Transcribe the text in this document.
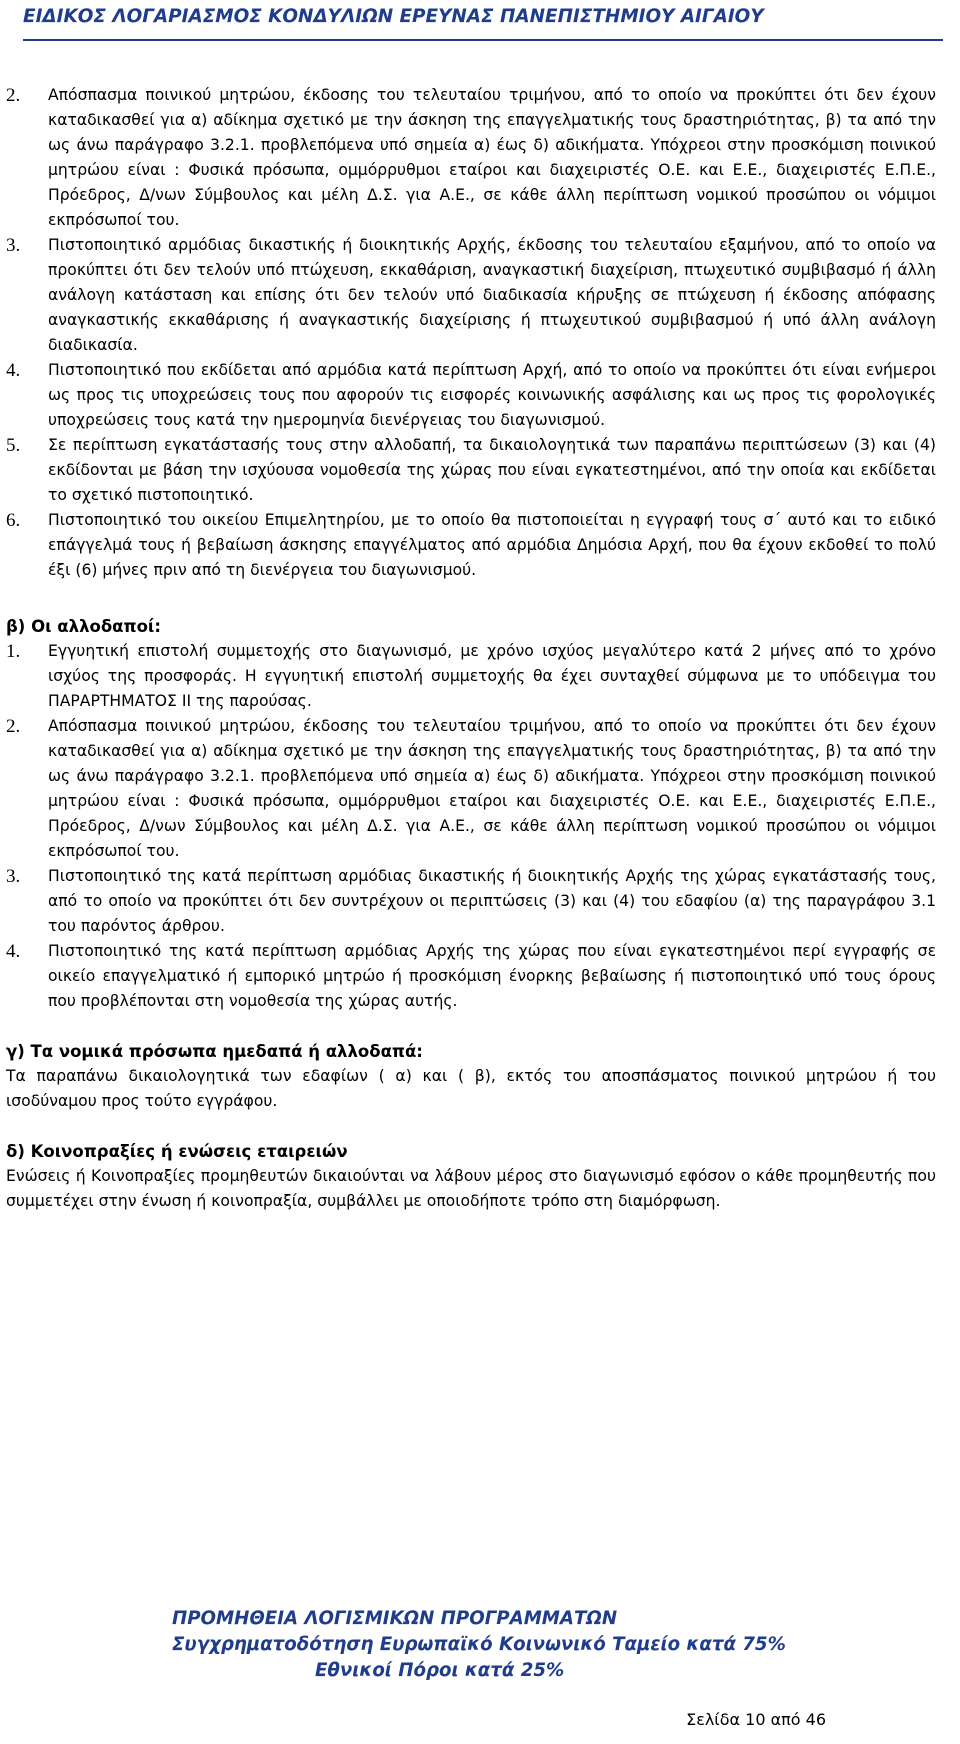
ΕΙΔΙΚΟΣ ΛΟΓΑΡΙΑΣΜΟΣ ΚΟΝΔΥΛΙΩΝ ΕΡΕΥΝΑΣ ΠΑΝΕΠΙΣΤΗΜΙΟΥ ΑΙΓΑΙΟΥ
2. Απόσπασμα ποινικού μητρώου, έκδοσης του τελευταίου τριμήνου, από το οποίο να προκύπτει ότι δεν έχουν καταδικασθεί για α) αδίκημα σχετικό με την άσκηση της επαγγελματικής τους δραστηριότητας, β) τα από την ως άνω παράγραφο 3.2.1. προβλεπόμενα υπό σημεία α) έως δ) αδικήματα. Υπόχρεοι στην προσκόμιση ποινικού μητρώου είναι : Φυσικά πρόσωπα, ομμόρρυθμοι εταίροι και διαχειριστές Ο.Ε. και Ε.Ε., διαχειριστές Ε.Π.Ε., Πρόεδρος, Δ/νων Σύμβουλος και μέλη Δ.Σ. για Α.Ε., σε κάθε άλλη περίπτωση νομικού προσώπου οι νόμιμοι εκπρόσωποί του.
3. Πιστοποιητικό αρμόδιας δικαστικής ή διοικητικής Αρχής, έκδοσης του τελευταίου εξαμήνου, από το οποίο να προκύπτει ότι δεν τελούν υπό πτώχευση, εκκαθάριση, αναγκαστική διαχείριση, πτωχευτικό συμβιβασμό ή άλλη ανάλογη κατάσταση και επίσης ότι δεν τελούν υπό διαδικασία κήρυξης σε πτώχευση ή έκδοσης απόφασης αναγκαστικής εκκαθάρισης ή αναγκαστικής διαχείρισης ή πτωχευτικού συμβιβασμού ή υπό άλλη ανάλογη διαδικασία.
4. Πιστοποιητικό που εκδίδεται από αρμόδια κατά περίπτωση Αρχή, από το οποίο να προκύπτει ότι είναι ενήμεροι ως προς τις υποχρεώσεις τους που αφορούν τις εισφορές κοινωνικής ασφάλισης και ως προς τις φορολογικές υποχρεώσεις τους κατά την ημερομηνία διενέργειας του διαγωνισμού.
5. Σε περίπτωση εγκατάστασής τους στην αλλοδαπή, τα δικαιολογητικά των παραπάνω περιπτώσεων (3) και (4) εκδίδονται με βάση την ισχύουσα νομοθεσία της χώρας που είναι εγκατεστημένοι, από την οποία και εκδίδεται το σχετικό πιστοποιητικό.
6. Πιστοποιητικό του οικείου Επιμελητηρίου, με το οποίο θα πιστοποιείται η εγγραφή τους σ΄ αυτό και το ειδικό επάγγελμά τους ή βεβαίωση άσκησης επαγγέλματος από αρμόδια Δημόσια Αρχή, που θα έχουν εκδοθεί το πολύ έξι (6) μήνες πριν από τη διενέργεια του διαγωνισμού.
β) Οι αλλοδαποί:
1. Εγγυητική επιστολή συμμετοχής στο διαγωνισμό, με χρόνο ισχύος μεγαλύτερο κατά 2 μήνες από το χρόνο ισχύος της προσφοράς. Η εγγυητική επιστολή συμμετοχής θα έχει συνταχθεί σύμφωνα με το υπόδειγμα του ΠΑΡΑΡΤΗΜΑΤΟΣ ΙΙ της παρούσας.
2. Απόσπασμα ποινικού μητρώου, έκδοσης του τελευταίου τριμήνου, από το οποίο να προκύπτει ότι δεν έχουν καταδικασθεί για α) αδίκημα σχετικό με την άσκηση της επαγγελματικής τους δραστηριότητας, β) τα από την ως άνω παράγραφο 3.2.1. προβλεπόμενα υπό σημεία α) έως δ) αδικήματα. Υπόχρεοι στην προσκόμιση ποινικού μητρώου είναι : Φυσικά πρόσωπα, ομμόρρυθμοι εταίροι και διαχειριστές Ο.Ε. και Ε.Ε., διαχειριστές Ε.Π.Ε., Πρόεδρος, Δ/νων Σύμβουλος και μέλη Δ.Σ. για Α.Ε., σε κάθε άλλη περίπτωση νομικού προσώπου οι νόμιμοι εκπρόσωποί του.
3. Πιστοποιητικό της κατά περίπτωση αρμόδιας δικαστικής ή διοικητικής Αρχής της χώρας εγκατάστασής τους, από το οποίο να προκύπτει ότι δεν συντρέχουν οι περιπτώσεις (3) και (4) του εδαφίου (α) της παραγράφου 3.1 του παρόντος άρθρου.
4. Πιστοποιητικό της κατά περίπτωση αρμόδιας Αρχής της χώρας που είναι εγκατεστημένοι περί εγγραφής σε οικείο επαγγελματικό ή εμπορικό μητρώο ή προσκόμιση ένορκης βεβαίωσης ή πιστοποιητικό υπό τους όρους που προβλέπονται στη νομοθεσία της χώρας αυτής.
γ) Τα νομικά πρόσωπα ημεδαπά ή αλλοδαπά:
Τα παραπάνω δικαιολογητικά των εδαφίων ( α) και ( β), εκτός του αποσπάσματος ποινικού μητρώου ή του ισοδύναμου προς τούτο εγγράφου.
δ) Κοινοπραξίες ή ενώσεις εταιρειών
Ενώσεις ή Κοινοπραξίες προμηθευτών δικαιούνται να λάβουν μέρος στο διαγωνισμό εφόσον ο κάθε προμηθευτής που συμμετέχει στην ένωση ή κοινοπραξία, συμβάλλει με οποιοδήποτε τρόπο στη διαμόρφωση.
ΠΡΟΜΗΘΕΙΑ ΛΟΓΙΣΜΙΚΩΝ ΠΡΟΓΡΑΜΜΑΤΩΝ
Συγχρηματοδότηση Ευρωπαϊκό Κοινωνικό Ταμείο κατά 75%
Εθνικοί Πόροι κατά 25%
Σελίδα 10 από 46
